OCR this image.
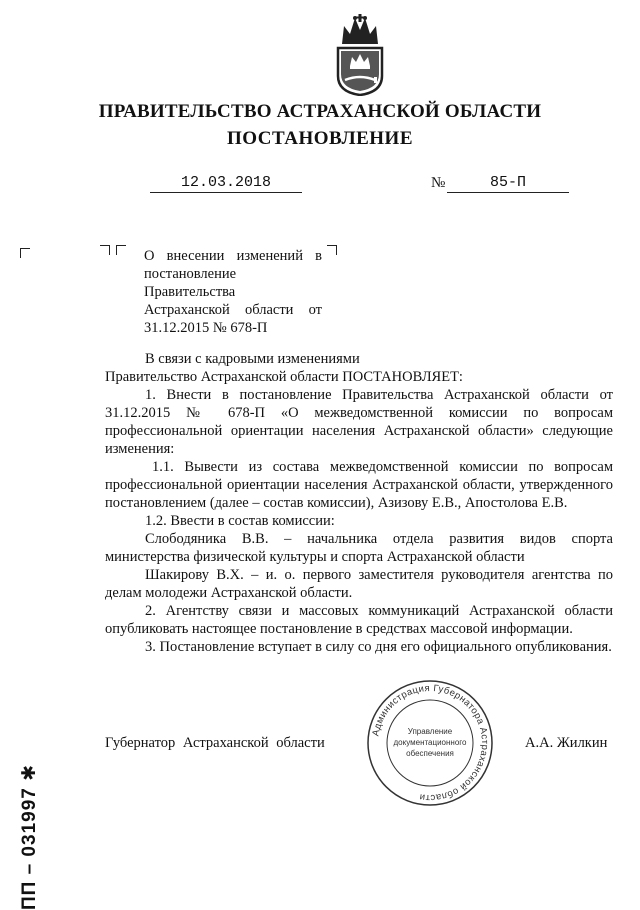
ПРАВИТЕЛЬСТВО АСТРАХАНСКОЙ ОБЛАСТИ
ПОСТАНОВЛЕНИЕ
12.03.2018	№	85-П
О внесении изменений в постановление Правительства Астраханской области от 31.12.2015 № 678-П

В связи с кадровыми изменениями

Правительство Астраханской области ПОСТАНОВЛЯЕТ:

1. Внести в постановление Правительства Астраханской области от 31.12.2015 № 678-П «О межведомственной комиссии по вопросам профессиональной ориентации населения Астраханской области» следующие изменения:

1.1. Вывести из состава межведомственной комиссии по вопросам профессиональной ориентации населения Астраханской области, утвержденного постановлением (далее – состав комиссии), Азизову Е.В., Апостолова Е.В.

1.2. Ввести в состав комиссии:

Слободяника В.В. – начальника отдела развития видов спорта министерства физической культуры и спорта Астраханской области

Шакирову В.Х. – и. о. первого заместителя руководителя агентства по делам молодежи Астраханской области.

2. Агентству связи и массовых коммуникаций Астраханской области опубликовать настоящее постановление в средствах массовой информации.

3. Постановление вступает в силу со дня его официального опубликования.

Губернатор Астраханской области	А.А. Жилкин
Администрация Губернатора Астраханской области
Управление
документационного
обеспечения
ПП – 031997 ✱
